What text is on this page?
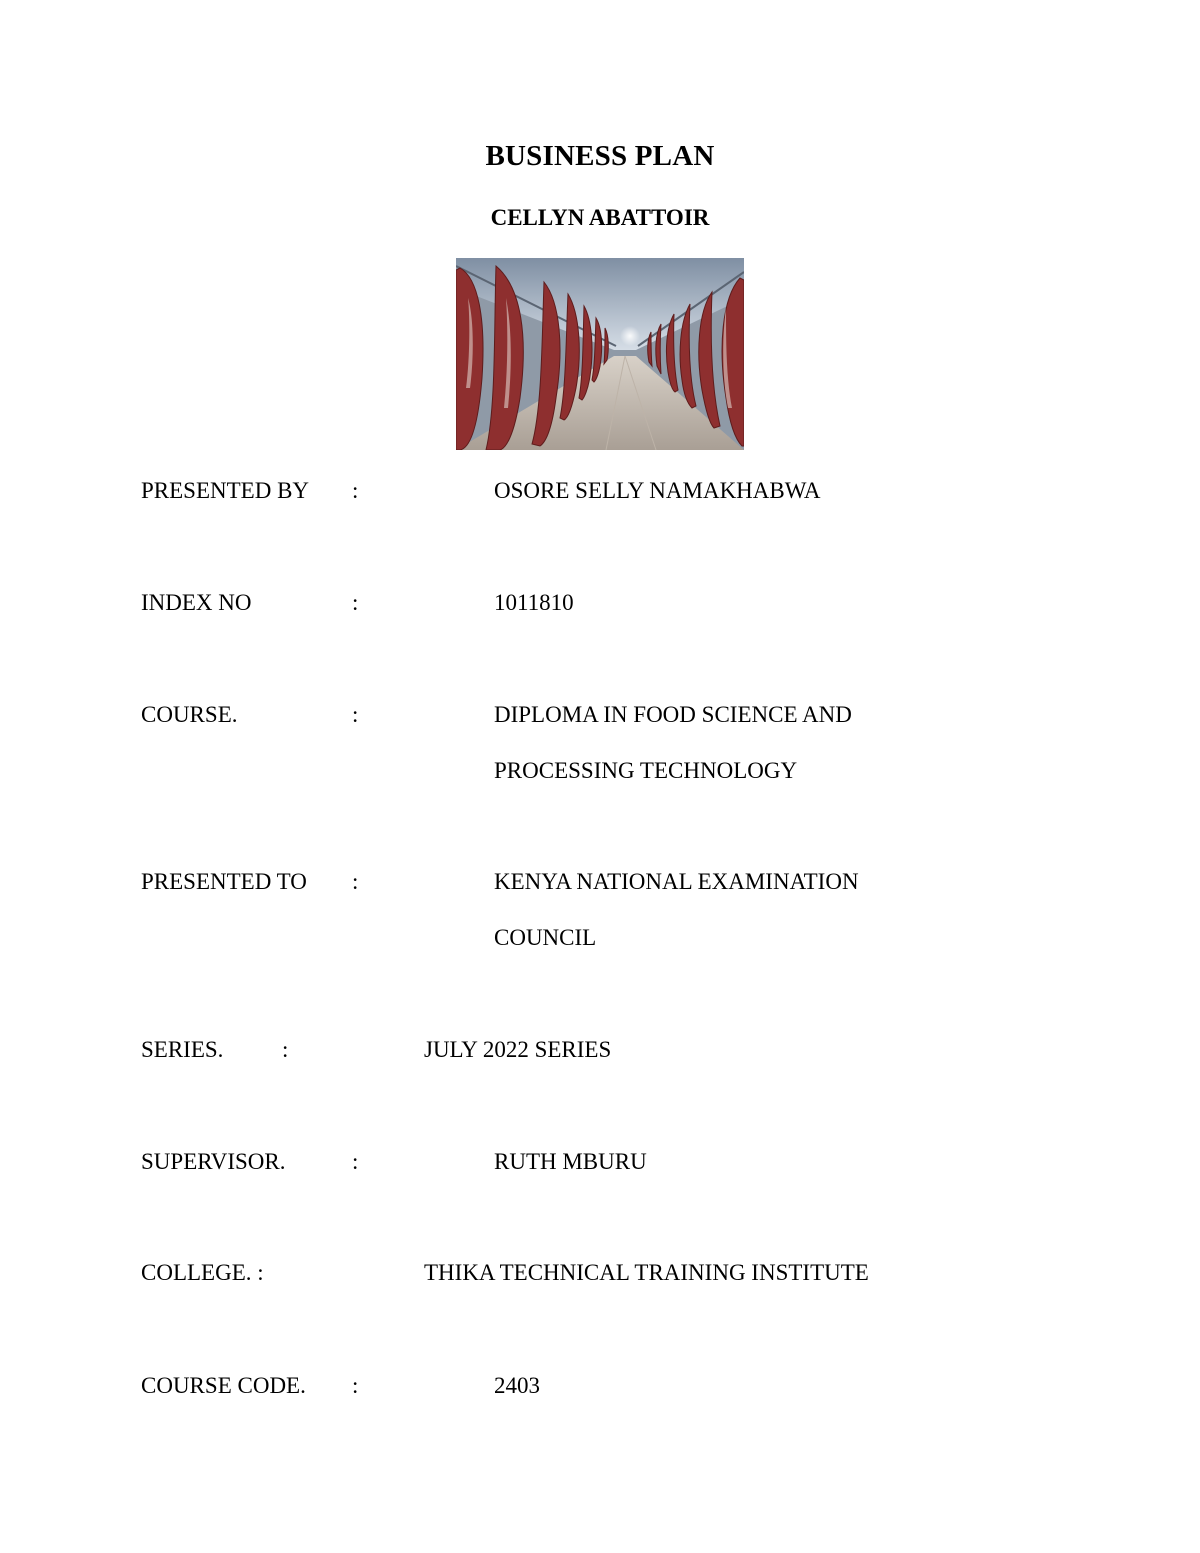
BUSINESS PLAN
CELLYN ABATTOIR
PRESENTED BY :	OSORE SELLY NAMAKHABWA
INDEX NO	:	1011810
COURSE.	:	DIPLOMA IN FOOD SCIENCE AND
PROCESSING TECHNOLOGY
PRESENTED TO :	KENYA NATIONAL EXAMINATION
COUNCIL
SERIES.	:	JULY 2022 SERIES
SUPERVISOR.	:	RUTH MBURU
COLLEGE. :	THIKA TECHNICAL TRAINING INSTITUTE
COURSE CODE. :	2403
